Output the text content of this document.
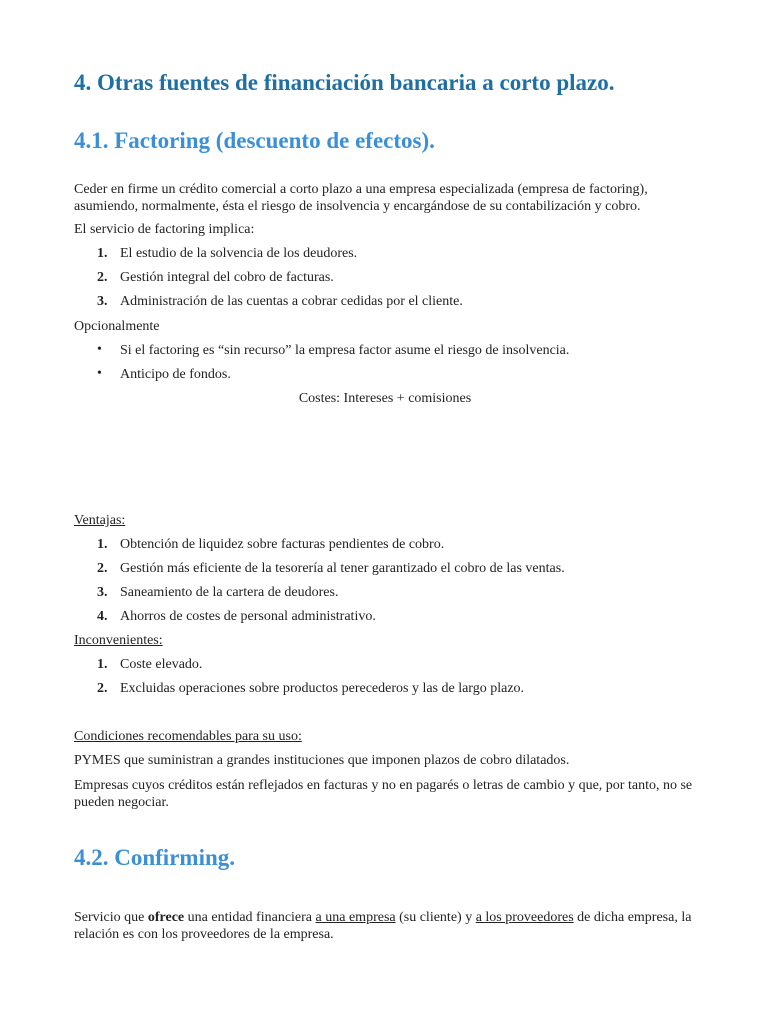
4. Otras fuentes de financiación bancaria a corto plazo.
4.1. Factoring (descuento de efectos).

Ceder en firme un crédito comercial a corto plazo a una empresa especializada (empresa de factoring), asumiendo, normalmente, ésta el riesgo de insolvencia y encargándose de su contabilización y cobro.

El servicio de factoring implica:

1. El estudio de la solvencia de los deudores.
2. Gestión integral del cobro de facturas.
3. Administración de las cuentas a cobrar cedidas por el cliente.

Opcionalmente

• Si el factoring es “sin recurso” la empresa factor asume el riesgo de insolvencia.
• Anticipo de fondos.

Costes: Intereses + comisiones

Ventajas:

1. Obtención de liquidez sobre facturas pendientes de cobro.
2. Gestión más eficiente de la tesorería al tener garantizado el cobro de las ventas.
3. Saneamiento de la cartera de deudores.
4. Ahorros de costes de personal administrativo.

Inconvenientes:

1. Coste elevado.
2. Excluidas operaciones sobre productos perecederos y las de largo plazo.

Condiciones recomendables para su uso:

PYMES que suministran a grandes instituciones que imponen plazos de cobro dilatados.

Empresas cuyos créditos están reflejados en facturas y no en pagarés o letras de cambio y que, por tanto, no se pueden negociar.

4.2. Confirming.

Servicio que ofrece una entidad financiera a una empresa (su cliente) y a los proveedores de dicha empresa, la relación es con los proveedores de la empresa.
